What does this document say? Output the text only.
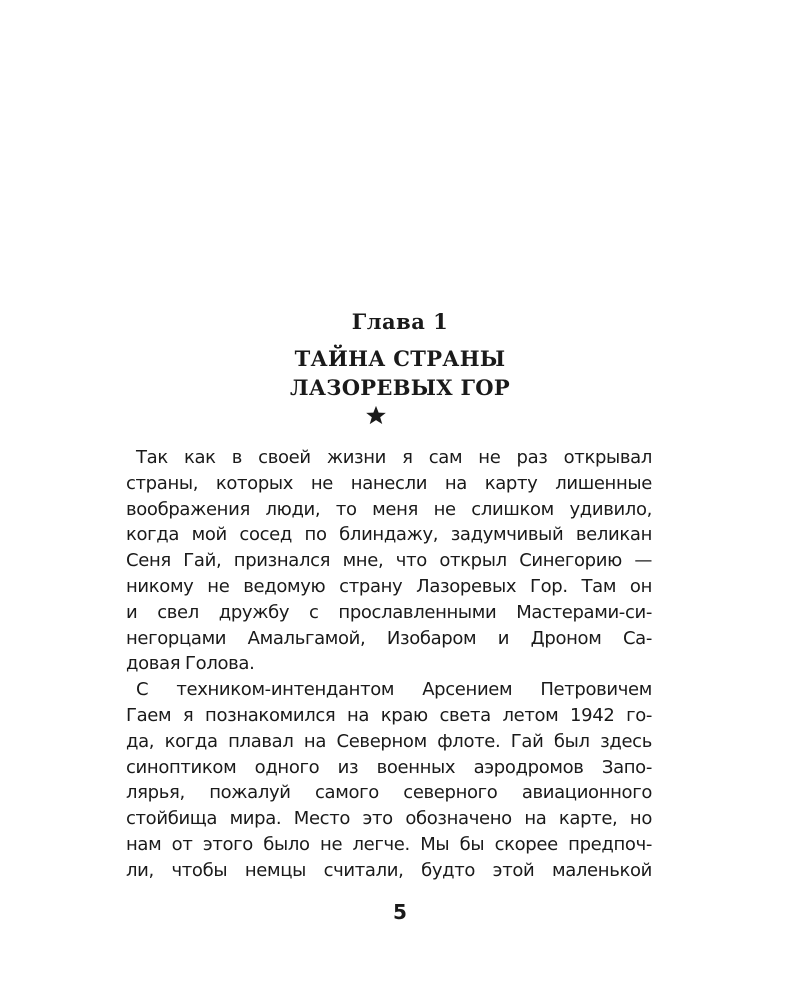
Глава 1
ТАЙНА СТРАНЫ
ЛАЗОРЕВЫХ ГОР
Так как в своей жизни я сам не раз открывал
страны, которых не нанесли на карту лишенные
воображения люди, то меня не слишком удивило,
когда мой сосед по блиндажу, задумчивый великан
Сеня Гай, признался мне, что открыл Синегорию —
никому не ведомую страну Лазоревых Гор. Там он
и свел дружбу с прославленными Мастерами-си-
негорцами Амальгамой, Изобаром и Дроном Са-
довая Голова.
С техником-интендантом Арсением Петровичем
Гаем я познакомился на краю света летом 1942 го-
да, когда плавал на Северном флоте. Гай был здесь
синоптиком одного из военных аэродромов Запо-
лярья, пожалуй самого северного авиационного
стойбища мира. Место это обозначено на карте, но
нам от этого было не легче. Мы бы скорее предпоч-
ли, чтобы немцы считали, будто этой маленькой
5
